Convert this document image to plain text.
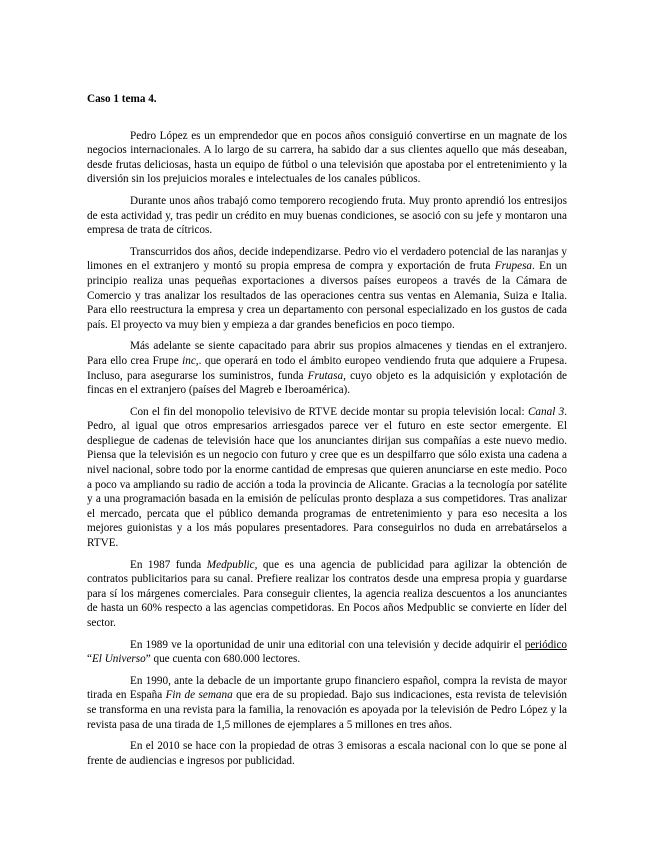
Caso 1 tema 4.

Pedro López es un emprendedor que en pocos años consiguió convertirse en un magnate de los negocios internacionales. A lo largo de su carrera, ha sabido dar a sus clientes aquello que más deseaban, desde frutas deliciosas, hasta un equipo de fútbol o una televisión que apostaba por el entretenimiento y la diversión sin los prejuicios morales e intelectuales de los canales públicos.

Durante unos años trabajó como temporero recogiendo fruta. Muy pronto aprendió los entresijos de esta actividad y, tras pedir un crédito en muy buenas condiciones, se asoció con su jefe y montaron una empresa de trata de cítricos.

Transcurridos dos años, decide independizarse. Pedro vio el verdadero potencial de las naranjas y limones en el extranjero y montó su propia empresa de compra y exportación de fruta Frupesa. En un principio realiza unas pequeñas exportaciones a diversos países europeos a través de la Cámara de Comercio y tras analizar los resultados de las operaciones centra sus ventas en Alemania, Suiza e Italia. Para ello reestructura la empresa y crea un departamento con personal especializado en los gustos de cada país. El proyecto va muy bien y empieza a dar grandes beneficios en poco tiempo.

Más adelante se siente capacitado para abrir sus propios almacenes y tiendas en el extranjero. Para ello crea Frupe inc,. que operará en todo el ámbito europeo vendiendo fruta que adquiere a Frupesa. Incluso, para asegurarse los suministros, funda Frutasa, cuyo objeto es la adquisición y explotación de fincas en el extranjero (países del Magreb e Iberoamérica).

Con el fin del monopolio televisivo de RTVE decide montar su propia televisión local: Canal 3. Pedro, al igual que otros empresarios arriesgados parece ver el futuro en este sector emergente. El despliegue de cadenas de televisión hace que los anunciantes dirijan sus compañías a este nuevo medio. Piensa que la televisión es un negocio con futuro y cree que es un despilfarro que sólo exista una cadena a nivel nacional, sobre todo por la enorme cantidad de empresas que quieren anunciarse en este medio. Poco a poco va ampliando su radio de acción a toda la provincia de Alicante. Gracias a la tecnología por satélite y a una programación basada en la emisión de películas pronto desplaza a sus competidores. Tras analizar el mercado, percata que el público demanda programas de entretenimiento y para eso necesita a los mejores guionistas y a los más populares presentadores. Para conseguirlos no duda en arrebatárselos a RTVE.

En 1987 funda Medpublic, que es una agencia de publicidad para agilizar la obtención de contratos publicitarios para su canal. Prefiere realizar los contratos desde una empresa propia y guardarse para sí los márgenes comerciales. Para conseguir clientes, la agencia realiza descuentos a los anunciantes de hasta un 60% respecto a las agencias competidoras. En Pocos años Medpublic se convierte en líder del sector.

En 1989 ve la oportunidad de unir una editorial con una televisión y decide adquirir el periódico “El Universo” que cuenta con 680.000 lectores.

En 1990, ante la debacle de un importante grupo financiero español, compra la revista de mayor tirada en España Fin de semana que era de su propiedad. Bajo sus indicaciones, esta revista de televisión se transforma en una revista para la familia, la renovación es apoyada por la televisión de Pedro López y la revista pasa de una tirada de 1,5 millones de ejemplares a 5 millones en tres años.

En el 2010 se hace con la propiedad de otras 3 emisoras a escala nacional con lo que se pone al frente de audiencias e ingresos por publicidad.
